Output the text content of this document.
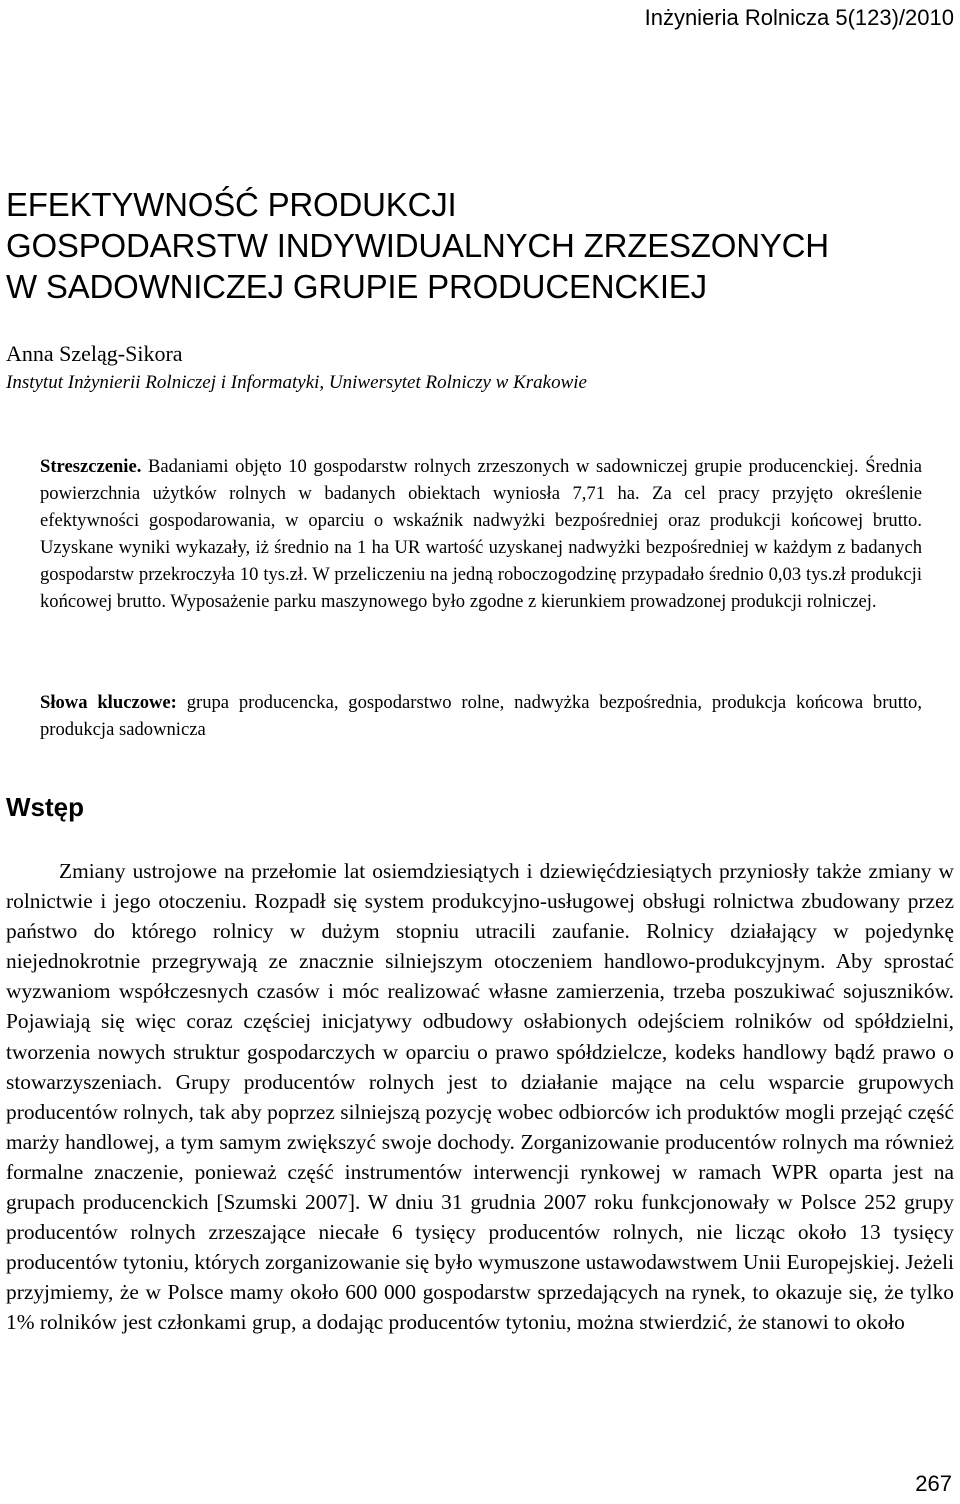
Inżynieria Rolnicza 5(123)/2010
EFEKTYWNOŚĆ PRODUKCJI
GOSPODARSTW INDYWIDUALNYCH ZRZESZONYCH
W SADOWNICZEJ GRUPIE PRODUCENCKIEJ
Anna Szeląg-Sikora
Instytut Inżynierii Rolniczej i Informatyki, Uniwersytet Rolniczy w Krakowie

Streszczenie. Badaniami objęto 10 gospodarstw rolnych zrzeszonych w sadowniczej grupie producenckiej. Średnia powierzchnia użytków rolnych w badanych obiektach wyniosła 7,71 ha. Za cel pracy przyjęto określenie efektywności gospodarowania, w oparciu o wskaźnik nadwyżki bezpośredniej oraz produkcji końcowej brutto. Uzyskane wyniki wykazały, iż średnio na 1 ha UR wartość uzyskanej nadwyżki bezpośredniej w każdym z badanych gospodarstw przekroczyła 10 tys.zł. W przeliczeniu na jedną roboczogodzinę przypadało średnio 0,03 tys.zł produkcji końcowej brutto. Wyposażenie parku maszynowego było zgodne z kierunkiem prowadzonej produkcji rolniczej.

Słowa kluczowe: grupa producencka, gospodarstwo rolne, nadwyżka bezpośrednia, produkcja końcowa brutto, produkcja sadownicza

Wstęp

Zmiany ustrojowe na przełomie lat osiemdziesiątych i dziewięćdziesiątych przyniosły także zmiany w rolnictwie i jego otoczeniu. Rozpadł się system produkcyjno-usługowej obsługi rolnictwa zbudowany przez państwo do którego rolnicy w dużym stopniu utracili zaufanie. Rolnicy działający w pojedynkę niejednokrotnie przegrywają ze znacznie silniejszym otoczeniem handlowo-produkcyjnym. Aby sprostać wyzwaniom współczesnych czasów i móc realizować własne zamierzenia, trzeba poszukiwać sojuszników. Pojawiają się więc coraz częściej inicjatywy odbudowy osłabionych odejściem rolników od spółdzielni, tworzenia nowych struktur gospodarczych w oparciu o prawo spółdzielcze, kodeks handlowy bądź prawo o stowarzyszeniach. Grupy producentów rolnych jest to działanie mające na celu wsparcie grupowych producentów rolnych, tak aby poprzez silniejszą pozycję wobec odbiorców ich produktów mogli przejąć część marży handlowej, a tym samym zwiększyć swoje dochody. Zorganizowanie producentów rolnych ma również formalne znaczenie, ponieważ część instrumentów interwencji rynkowej w ramach WPR oparta jest na grupach producenckich [Szumski 2007]. W dniu 31 grudnia 2007 roku funkcjonowały w Polsce 252 grupy producentów rolnych zrzeszające niecałe 6 tysięcy producentów rolnych, nie licząc około 13 tysięcy producentów tytoniu, których zorganizowanie się było wymuszone ustawodawstwem Unii Europejskiej. Jeżeli przyjmiemy, że w Polsce mamy około 600 000 gospodarstw sprzedających na rynek, to okazuje się, że tylko 1% rolników jest członkami grup, a dodając producentów tytoniu, można stwierdzić, że stanowi to około

267
